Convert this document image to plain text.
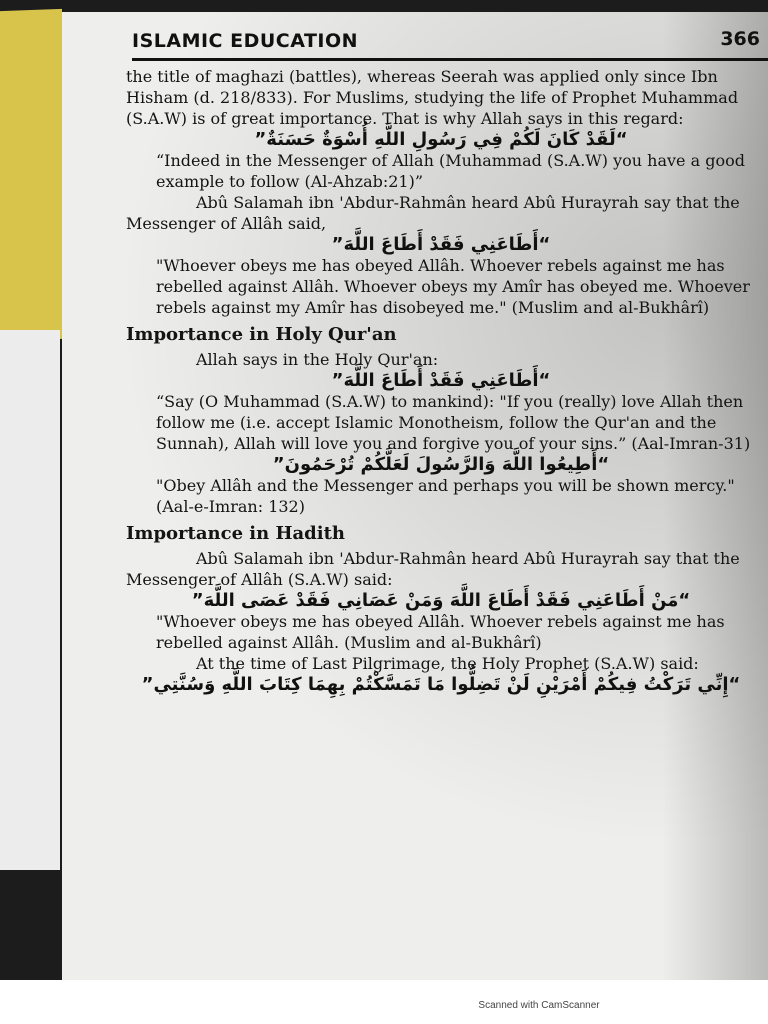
ISLAMIC EDUCATION	366

the title of maghazi (battles), whereas Seerah was applied only since Ibn Hisham (d. 218/833). For Muslims, studying the life of Prophet Muhammad (S.A.W) is of great importance. That is why Allah says in this regard:

“لَقَدْ كَانَ لَكُمْ فِي رَسُولِ اللَّهِ أُسْوَةٌ حَسَنَةٌ”

“Indeed in the Messenger of Allah (Muhammad (S.A.W) you have a good example to follow (Al-Ahzab:21)”

Abû Salamah ibn 'Abdur-Rahmân heard Abû Hurayrah say that the Messenger of Allâh said,

“أَطَاعَنِي فَقَدْ أَطَاعَ اللَّهَ”

"Whoever obeys me has obeyed Allâh. Whoever rebels against me has rebelled against Allâh. Whoever obeys my Amîr has obeyed me. Whoever rebels against my Amîr has disobeyed me." (Muslim and al-Bukhârî)

Importance in Holy Qur'an

Allah says in the Holy Qur'an:

“أَطَاعَنِي فَقَدْ أَطَاعَ اللَّهَ”

“Say (O Muhammad (S.A.W) to mankind): "If you (really) love Allah then follow me (i.e. accept Islamic Monotheism, follow the Qur'an and the Sunnah), Allah will love you and forgive you of your sins.” (Aal-Imran-31)

“أَطِيعُوا اللَّهَ وَالرَّسُولَ لَعَلَّكُمْ تُرْحَمُونَ”

"Obey Allâh and the Messenger and perhaps you will be shown mercy." (Aal-e-Imran: 132)

Importance in Hadith

Abû Salamah ibn 'Abdur-Rahmân heard Abû Hurayrah say that the Messenger of Allâh (S.A.W) said:

“مَنْ أَطَاعَنِي فَقَدْ أَطَاعَ اللَّهَ وَمَنْ عَصَانِي فَقَدْ عَصَى اللَّهَ”

"Whoever obeys me has obeyed Allâh. Whoever rebels against me has rebelled against Allâh. (Muslim and al-Bukhârî)

At the time of Last Pilgrimage, the Holy Prophet (S.A.W) said:

“إِنِّي تَرَكْتُ فِيكُمْ أَمْرَيْنِ لَنْ تَضِلُّوا مَا تَمَسَّكْتُمْ بِهِمَا كِتَابَ اللَّهِ وَسُنَّتِي”

Scanned with CamScanner
